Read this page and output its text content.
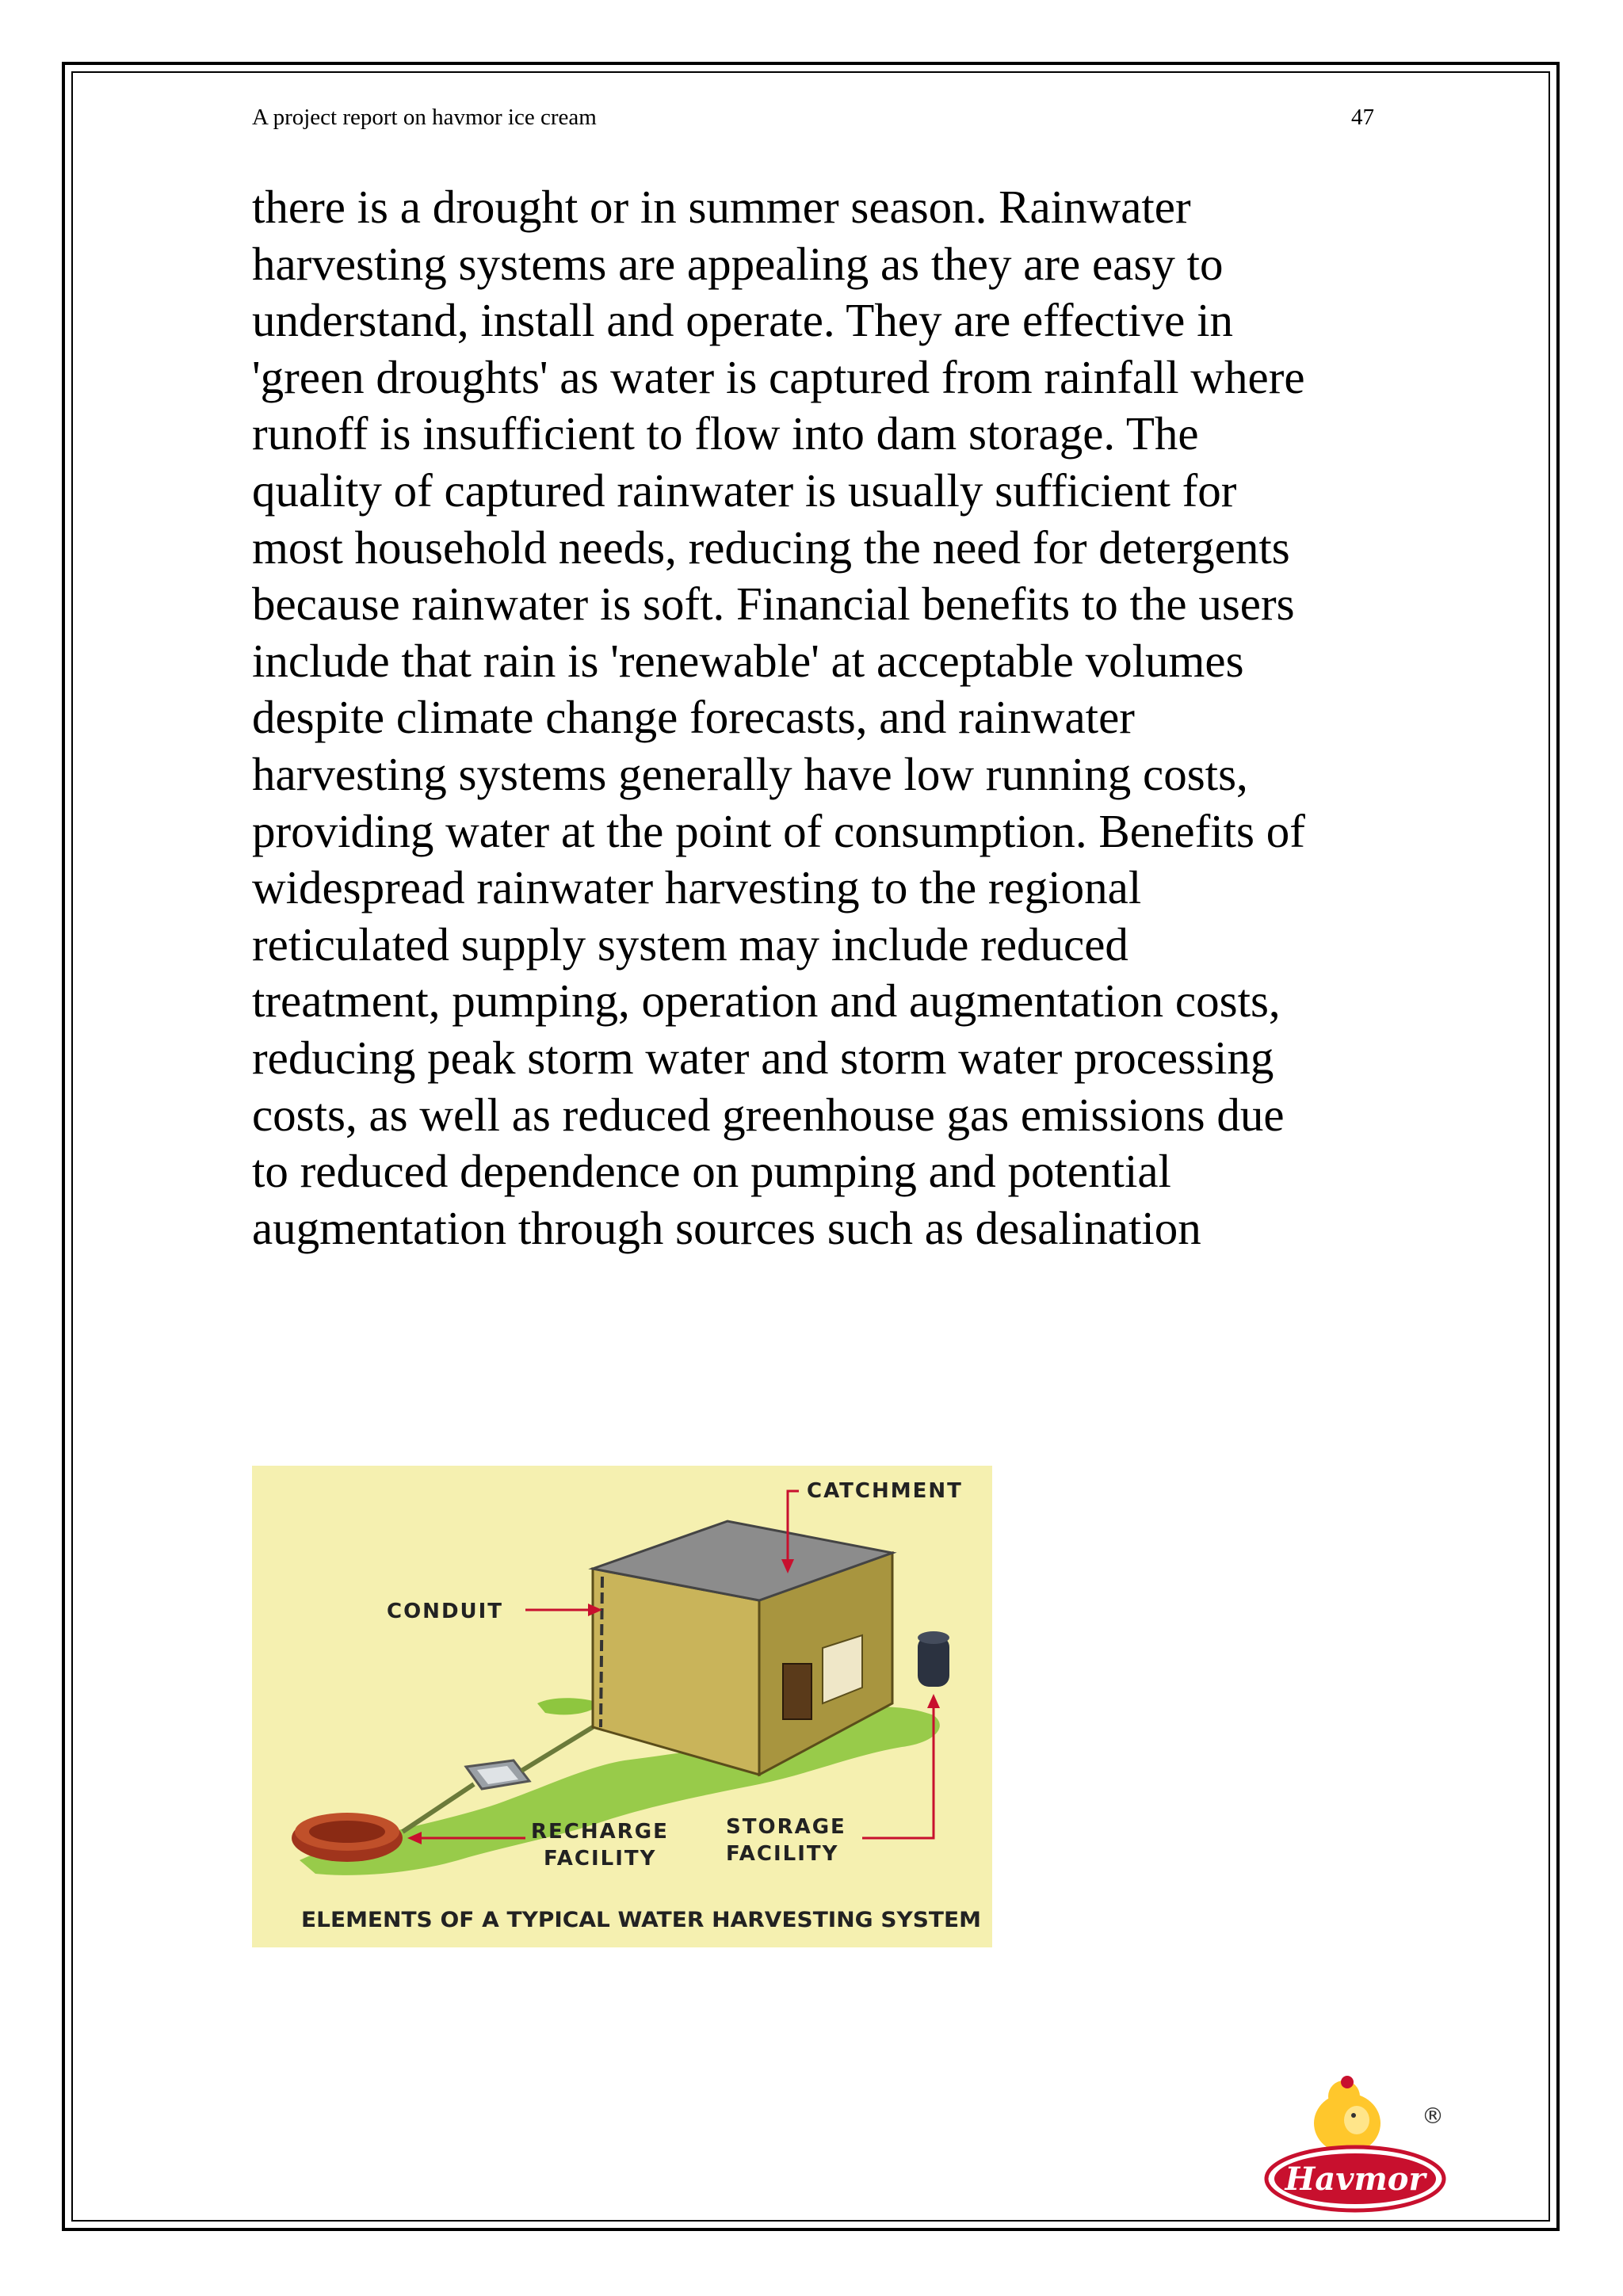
A project report on havmor ice cream	47
there is a drought or in summer season. Rainwater
harvesting systems are appealing as they are easy to
understand, install and operate. They are effective in
'green droughts' as water is captured from rainfall where
runoff is insufficient to flow into dam storage. The
quality of captured rainwater is usually sufficient for
most household needs, reducing the need for detergents
because rainwater is soft. Financial benefits to the users
include that rain is 'renewable' at acceptable volumes
despite climate change forecasts, and rainwater
harvesting systems generally have low running costs,
providing water at the point of consumption. Benefits of
widespread rainwater harvesting to the regional
reticulated supply system may include reduced
treatment, pumping, operation and augmentation costs,
reducing peak storm water and storm water processing
costs, as well as reduced greenhouse gas emissions due
to reduced dependence on pumping and potential
augmentation through sources such as desalination
CATCHMENT
CONDUIT
RECHARGE
FACILITY
STORAGE
FACILITY
ELEMENTS OF A TYPICAL WATER HARVESTING SYSTEM
Havmor
®
